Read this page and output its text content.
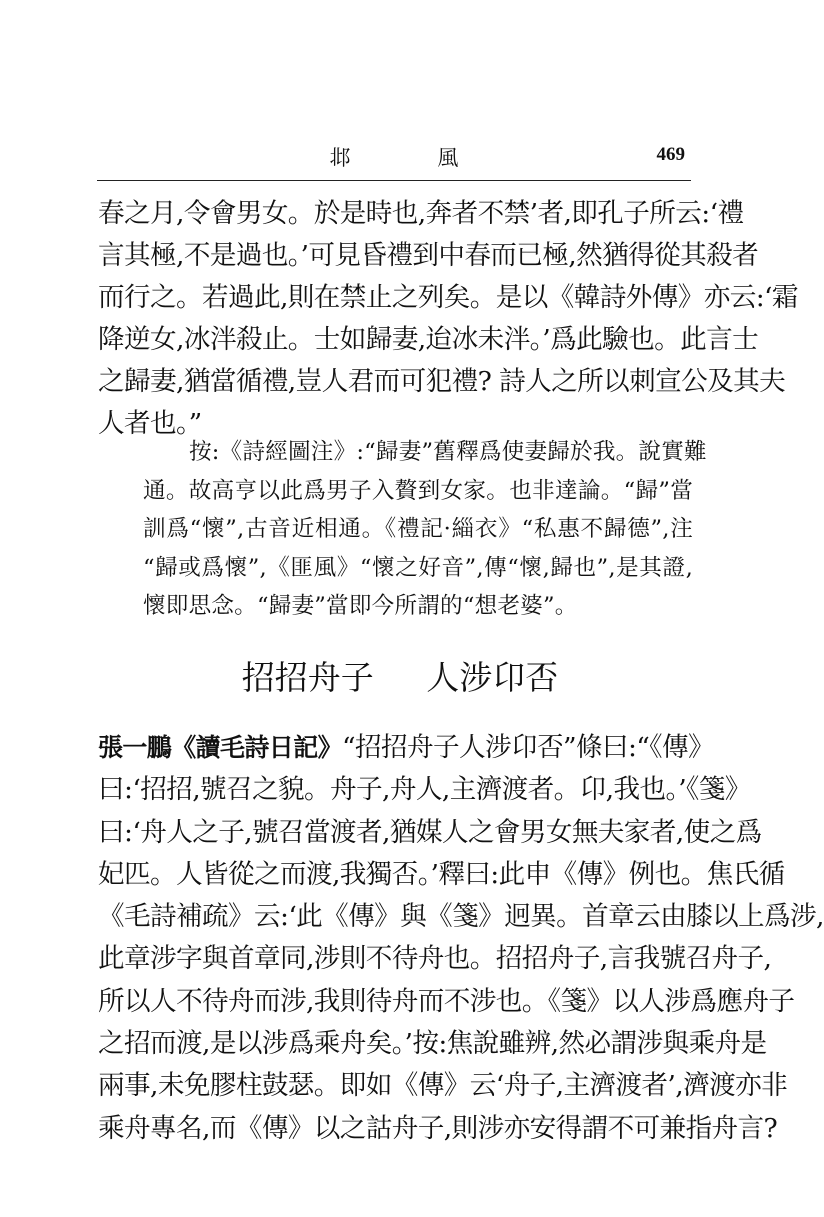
邶 風	469
春之月,令會男女。於是時也,奔者不禁’者,即孔子所云:‘禮
言其極,不是過也。’可見昏禮到中春而已極,然猶得從其殺者
而行之。若過此,則在禁止之列矣。是以《韓詩外傳》亦云:‘霜
降逆女,冰泮殺止。士如歸妻,迨冰未泮。’爲此驗也。此言士
之歸妻,猶當循禮,豈人君而可犯禮? 詩人之所以刺宣公及其夫
人者也。”
按:《詩經圖注》:“歸妻”舊釋爲使妻歸於我。說實難
通。故高亨以此爲男子入贅到女家。也非達論。“歸”當
訓爲“懷”,古音近相通。《禮記·緇衣》“私惠不歸德”,注
“歸或爲懷”,《匪風》“懷之好音”,傳“懷,歸也”,是其證,
懷即思念。“歸妻”當即今所謂的“想老婆”。
招招舟子 人涉卬否
張一鵬《讀毛詩日記》“招招舟子人涉卬否”條曰:“《傳》
曰:‘招招,號召之貌。舟子,舟人,主濟渡者。卬,我也。’《箋》
曰:‘舟人之子,號召當渡者,猶媒人之會男女無夫家者,使之爲
妃匹。人皆從之而渡,我獨否。’釋曰:此申《傳》例也。焦氏循
《毛詩補疏》云:‘此《傳》與《箋》迥異。首章云由膝以上爲涉,
此章涉字與首章同,涉則不待舟也。招招舟子,言我號召舟子,
所以人不待舟而涉,我則待舟而不涉也。《箋》以人涉爲應舟子
之招而渡,是以涉爲乘舟矣。’按:焦說雖辨,然必謂涉與乘舟是
兩事,未免膠柱鼓瑟。即如《傳》云‘舟子,主濟渡者’,濟渡亦非
乘舟專名,而《傳》以之詁舟子,則涉亦安得謂不可兼指舟言?
